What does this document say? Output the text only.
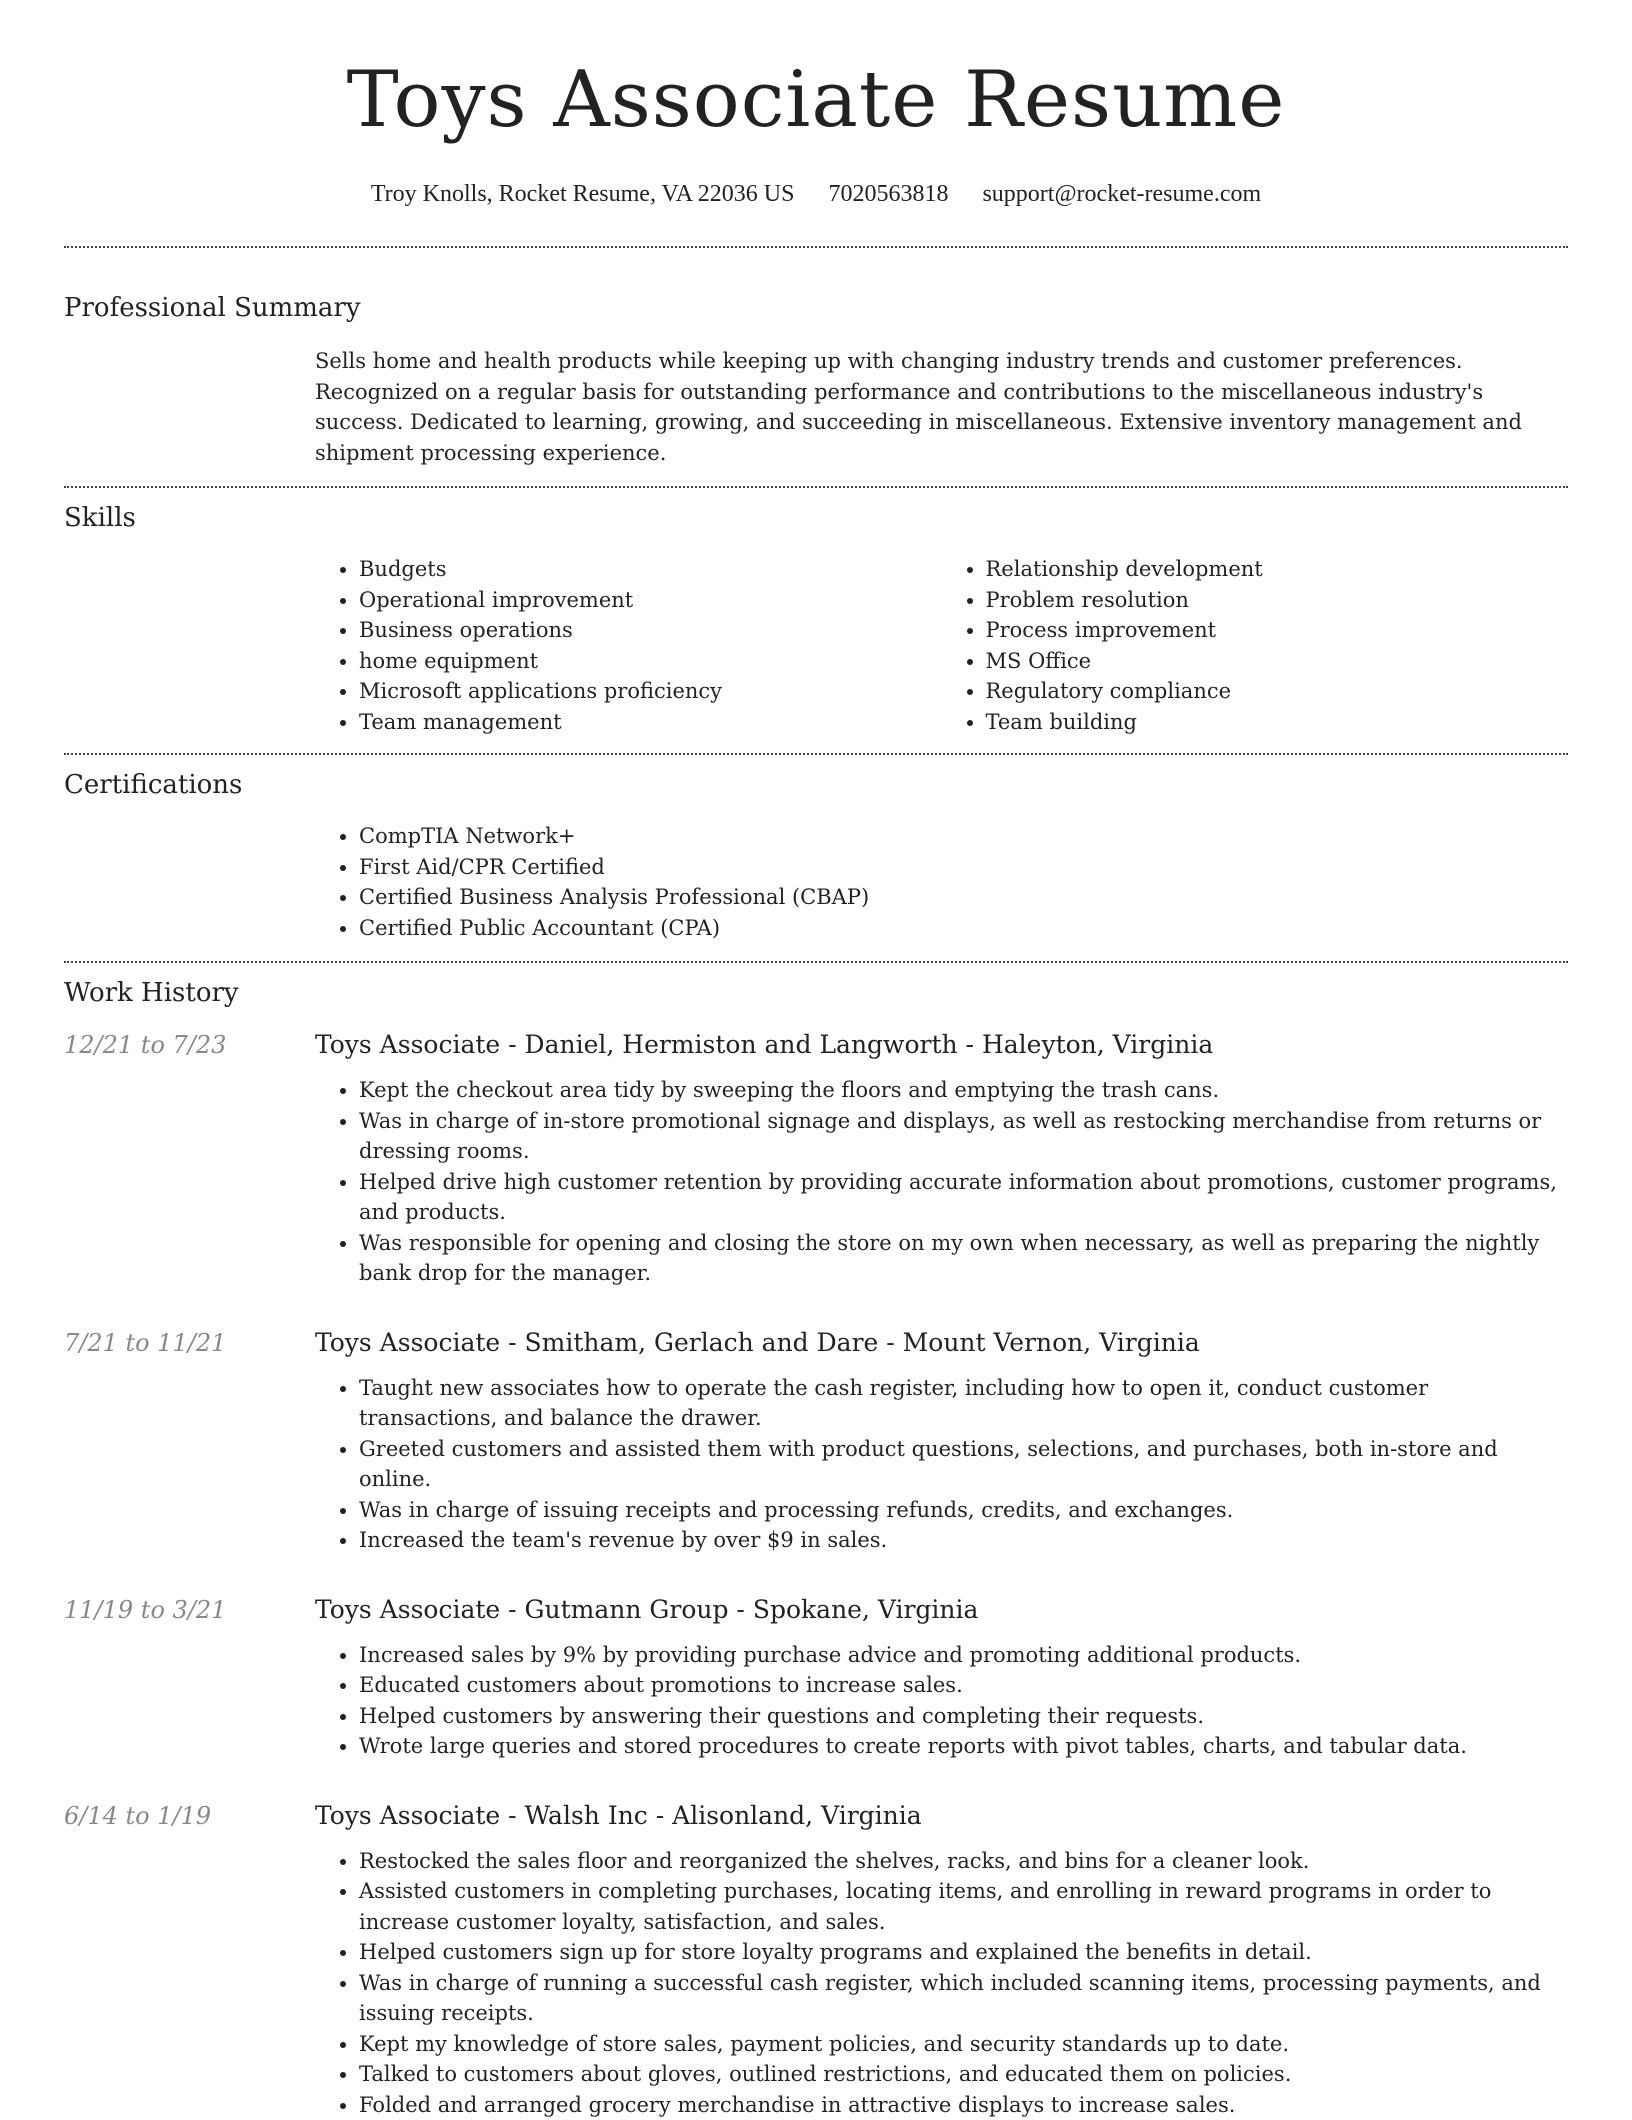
Toys Associate Resume
Troy Knolls, Rocket Resume, VA 22036 US 7020563818 support@rocket-resume.com
Professional Summary

Sells home and health products while keeping up with changing industry trends and customer preferences. Recognized on a regular basis for outstanding performance and contributions to the miscellaneous industry's success. Dedicated to learning, growing, and succeeding in miscellaneous. Extensive inventory management and shipment processing experience.

Skills
• Budgets
• Operational improvement
• Business operations
• home equipment
• Microsoft applications proficiency
• Team management
• Relationship development
• Problem resolution
• Process improvement
• MS Office
• Regulatory compliance
• Team building
Certifications
• CompTIA Network+
• First Aid/CPR Certified
• Certified Business Analysis Professional (CBAP)
• Certified Public Accountant (CPA)
Work History
12/21 to 7/23	Toys Associate - Daniel, Hermiston and Langworth - Haleyton, Virginia
• Kept the checkout area tidy by sweeping the floors and emptying the trash cans.
• Was in charge of in-store promotional signage and displays, as well as restocking merchandise from returns or dressing rooms.
• Helped drive high customer retention by providing accurate information about promotions, customer programs, and products.
• Was responsible for opening and closing the store on my own when necessary, as well as preparing the nightly bank drop for the manager.
7/21 to 11/21	Toys Associate - Smitham, Gerlach and Dare - Mount Vernon, Virginia
• Taught new associates how to operate the cash register, including how to open it, conduct customer transactions, and balance the drawer.
• Greeted customers and assisted them with product questions, selections, and purchases, both in-store and online.
• Was in charge of issuing receipts and processing refunds, credits, and exchanges.
• Increased the team's revenue by over $9 in sales.
11/19 to 3/21	Toys Associate - Gutmann Group - Spokane, Virginia
• Increased sales by 9% by providing purchase advice and promoting additional products.
• Educated customers about promotions to increase sales.
• Helped customers by answering their questions and completing their requests.
• Wrote large queries and stored procedures to create reports with pivot tables, charts, and tabular data.
6/14 to 1/19	Toys Associate - Walsh Inc - Alisonland, Virginia
• Restocked the sales floor and reorganized the shelves, racks, and bins for a cleaner look.
• Assisted customers in completing purchases, locating items, and enrolling in reward programs in order to increase customer loyalty, satisfaction, and sales.
• Helped customers sign up for store loyalty programs and explained the benefits in detail.
• Was in charge of running a successful cash register, which included scanning items, processing payments, and issuing receipts.
• Kept my knowledge of store sales, payment policies, and security standards up to date.
• Talked to customers about gloves, outlined restrictions, and educated them on policies.
• Folded and arranged grocery merchandise in attractive displays to increase sales.
